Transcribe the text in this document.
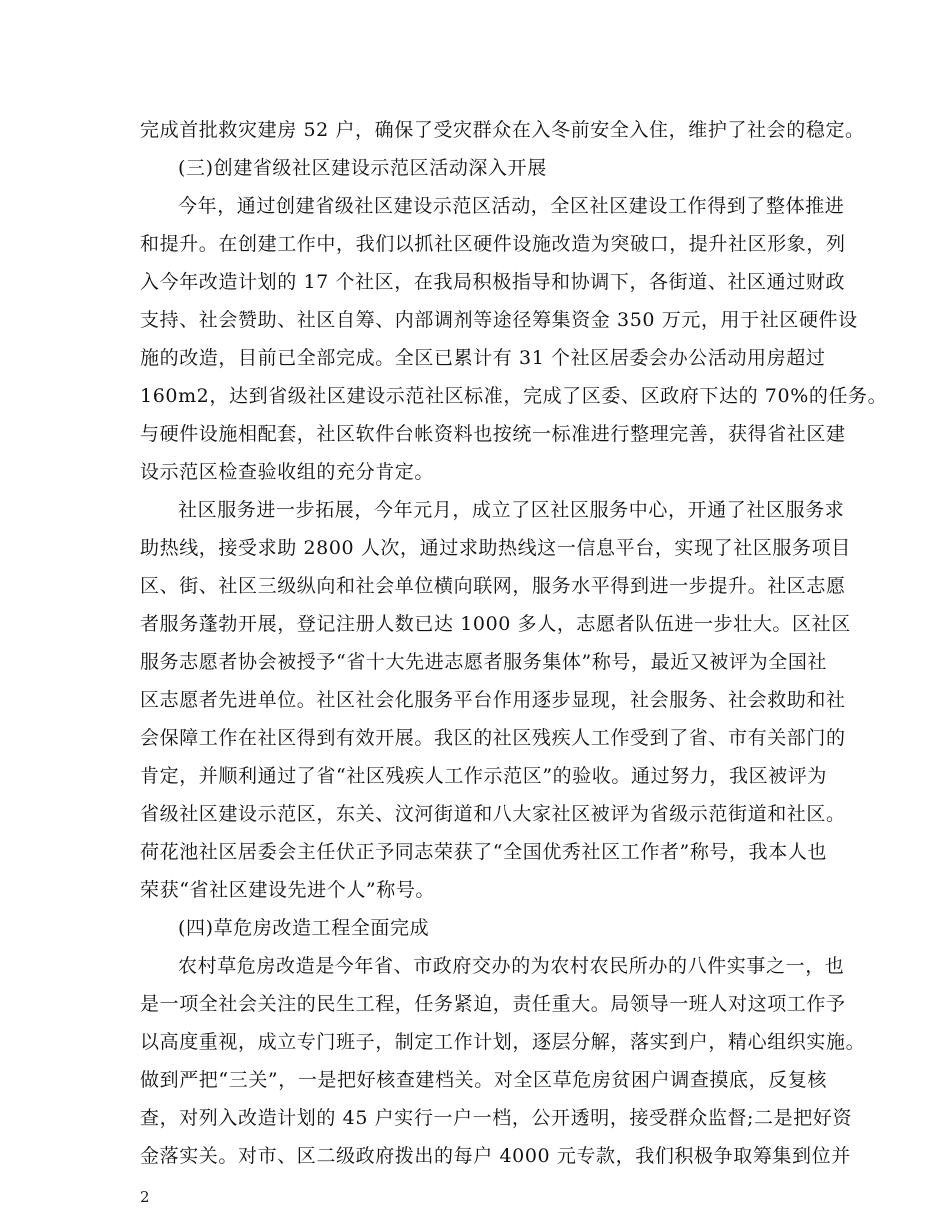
完成首批救灾建房 52 户，确保了受灾群众在入冬前安全入住，维护了社会的稳定。
(三)创建省级社区建设示范区活动深入开展
今年，通过创建省级社区建设示范区活动，全区社区建设工作得到了整体推进
和提升。在创建工作中，我们以抓社区硬件设施改造为突破口，提升社区形象，列
入今年改造计划的 17 个社区，在我局积极指导和协调下，各街道、社区通过财政
支持、社会赞助、社区自筹、内部调剂等途径筹集资金 350 万元，用于社区硬件设
施的改造，目前已全部完成。全区已累计有 31 个社区居委会办公活动用房超过
160m2，达到省级社区建设示范社区标准，完成了区委、区政府下达的 70%的任务。
与硬件设施相配套，社区软件台帐资料也按统一标准进行整理完善，获得省社区建
设示范区检查验收组的充分肯定。
社区服务进一步拓展，今年元月，成立了区社区服务中心，开通了社区服务求
助热线，接受求助 2800 人次，通过求助热线这一信息平台，实现了社区服务项目
区、街、社区三级纵向和社会单位横向联网，服务水平得到进一步提升。社区志愿
者服务蓬勃开展，登记注册人数已达 1000 多人，志愿者队伍进一步壮大。区社区
服务志愿者协会被授予“省十大先进志愿者服务集体”称号，最近又被评为全国社
区志愿者先进单位。社区社会化服务平台作用逐步显现，社会服务、社会救助和社
会保障工作在社区得到有效开展。我区的社区残疾人工作受到了省、市有关部门的
肯定，并顺利通过了省“社区残疾人工作示范区”的验收。通过努力，我区被评为
省级社区建设示范区，东关、汶河街道和八大家社区被评为省级示范街道和社区。
荷花池社区居委会主任伏正予同志荣获了“全国优秀社区工作者”称号，我本人也
荣获“省社区建设先进个人”称号。
(四)草危房改造工程全面完成
农村草危房改造是今年省、市政府交办的为农村农民所办的八件实事之一，也
是一项全社会关注的民生工程，任务紧迫，责任重大。局领导一班人对这项工作予
以高度重视，成立专门班子，制定工作计划，逐层分解，落实到户，精心组织实施。
做到严把“三关”，一是把好核查建档关。对全区草危房贫困户调查摸底，反复核
查，对列入改造计划的 45 户实行一户一档，公开透明，接受群众监督;二是把好资
金落实关。对市、区二级政府拨出的每户 4000 元专款，我们积极争取筹集到位并
2
